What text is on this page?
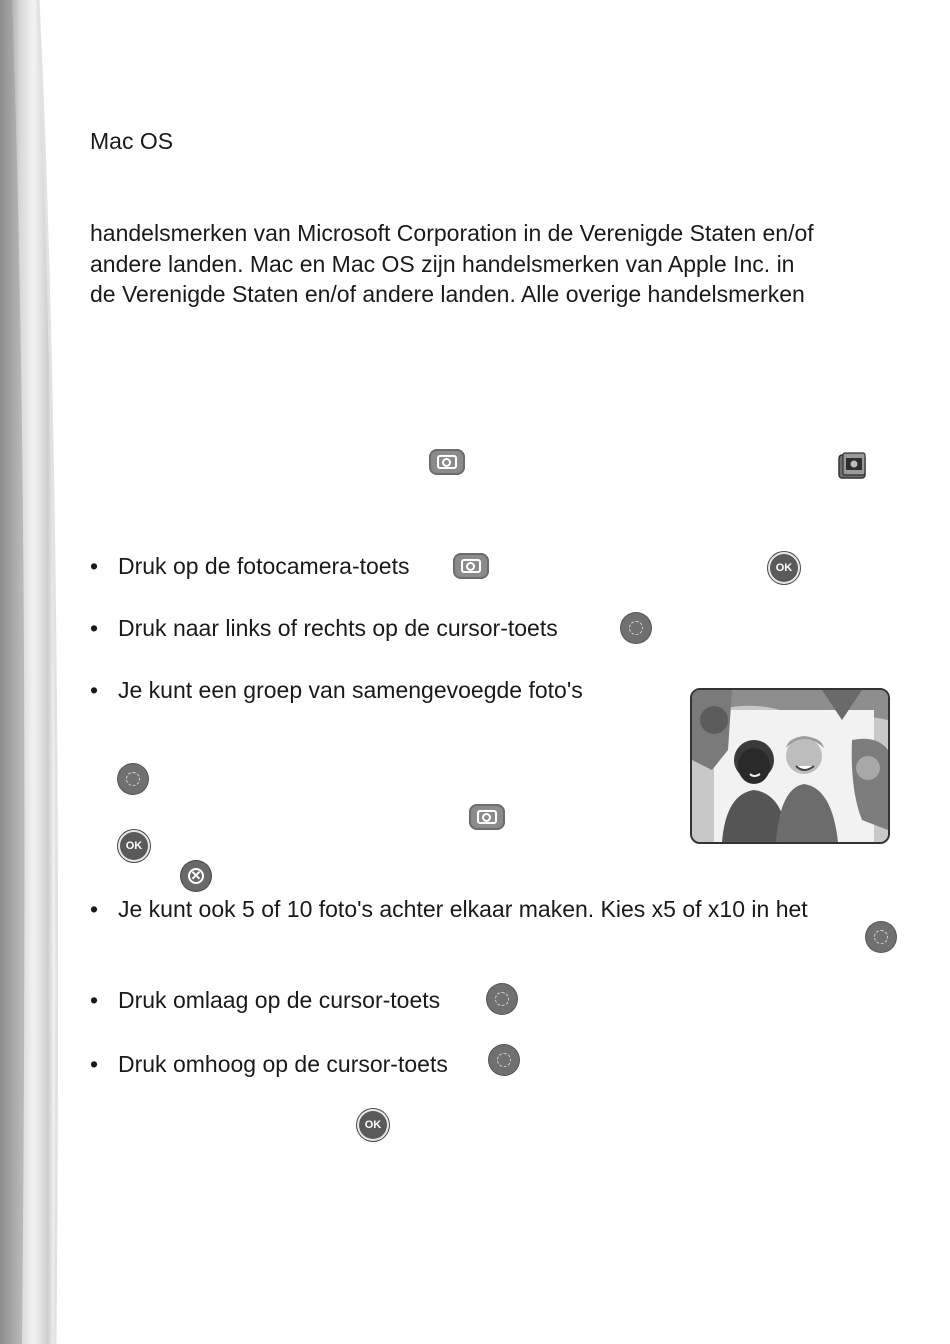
Mac OS
handelsmerken van Microsoft Corporation in de Verenigde Staten en/of
andere landen. Mac en Mac OS zijn handelsmerken van Apple Inc. in
de Verenigde Staten en/of andere landen. Alle overige handelsmerken
• Druk op de fotocamera-toets	OK
• Druk naar links of rechts op de cursor-toets
• Je kunt een groep van samengevoegde foto's
OK
✕
• Je kunt ook 5 of 10 foto's achter elkaar maken. Kies x5 of x10 in het
• Druk omlaag op de cursor-toets
• Druk omhoog op de cursor-toets
OK
